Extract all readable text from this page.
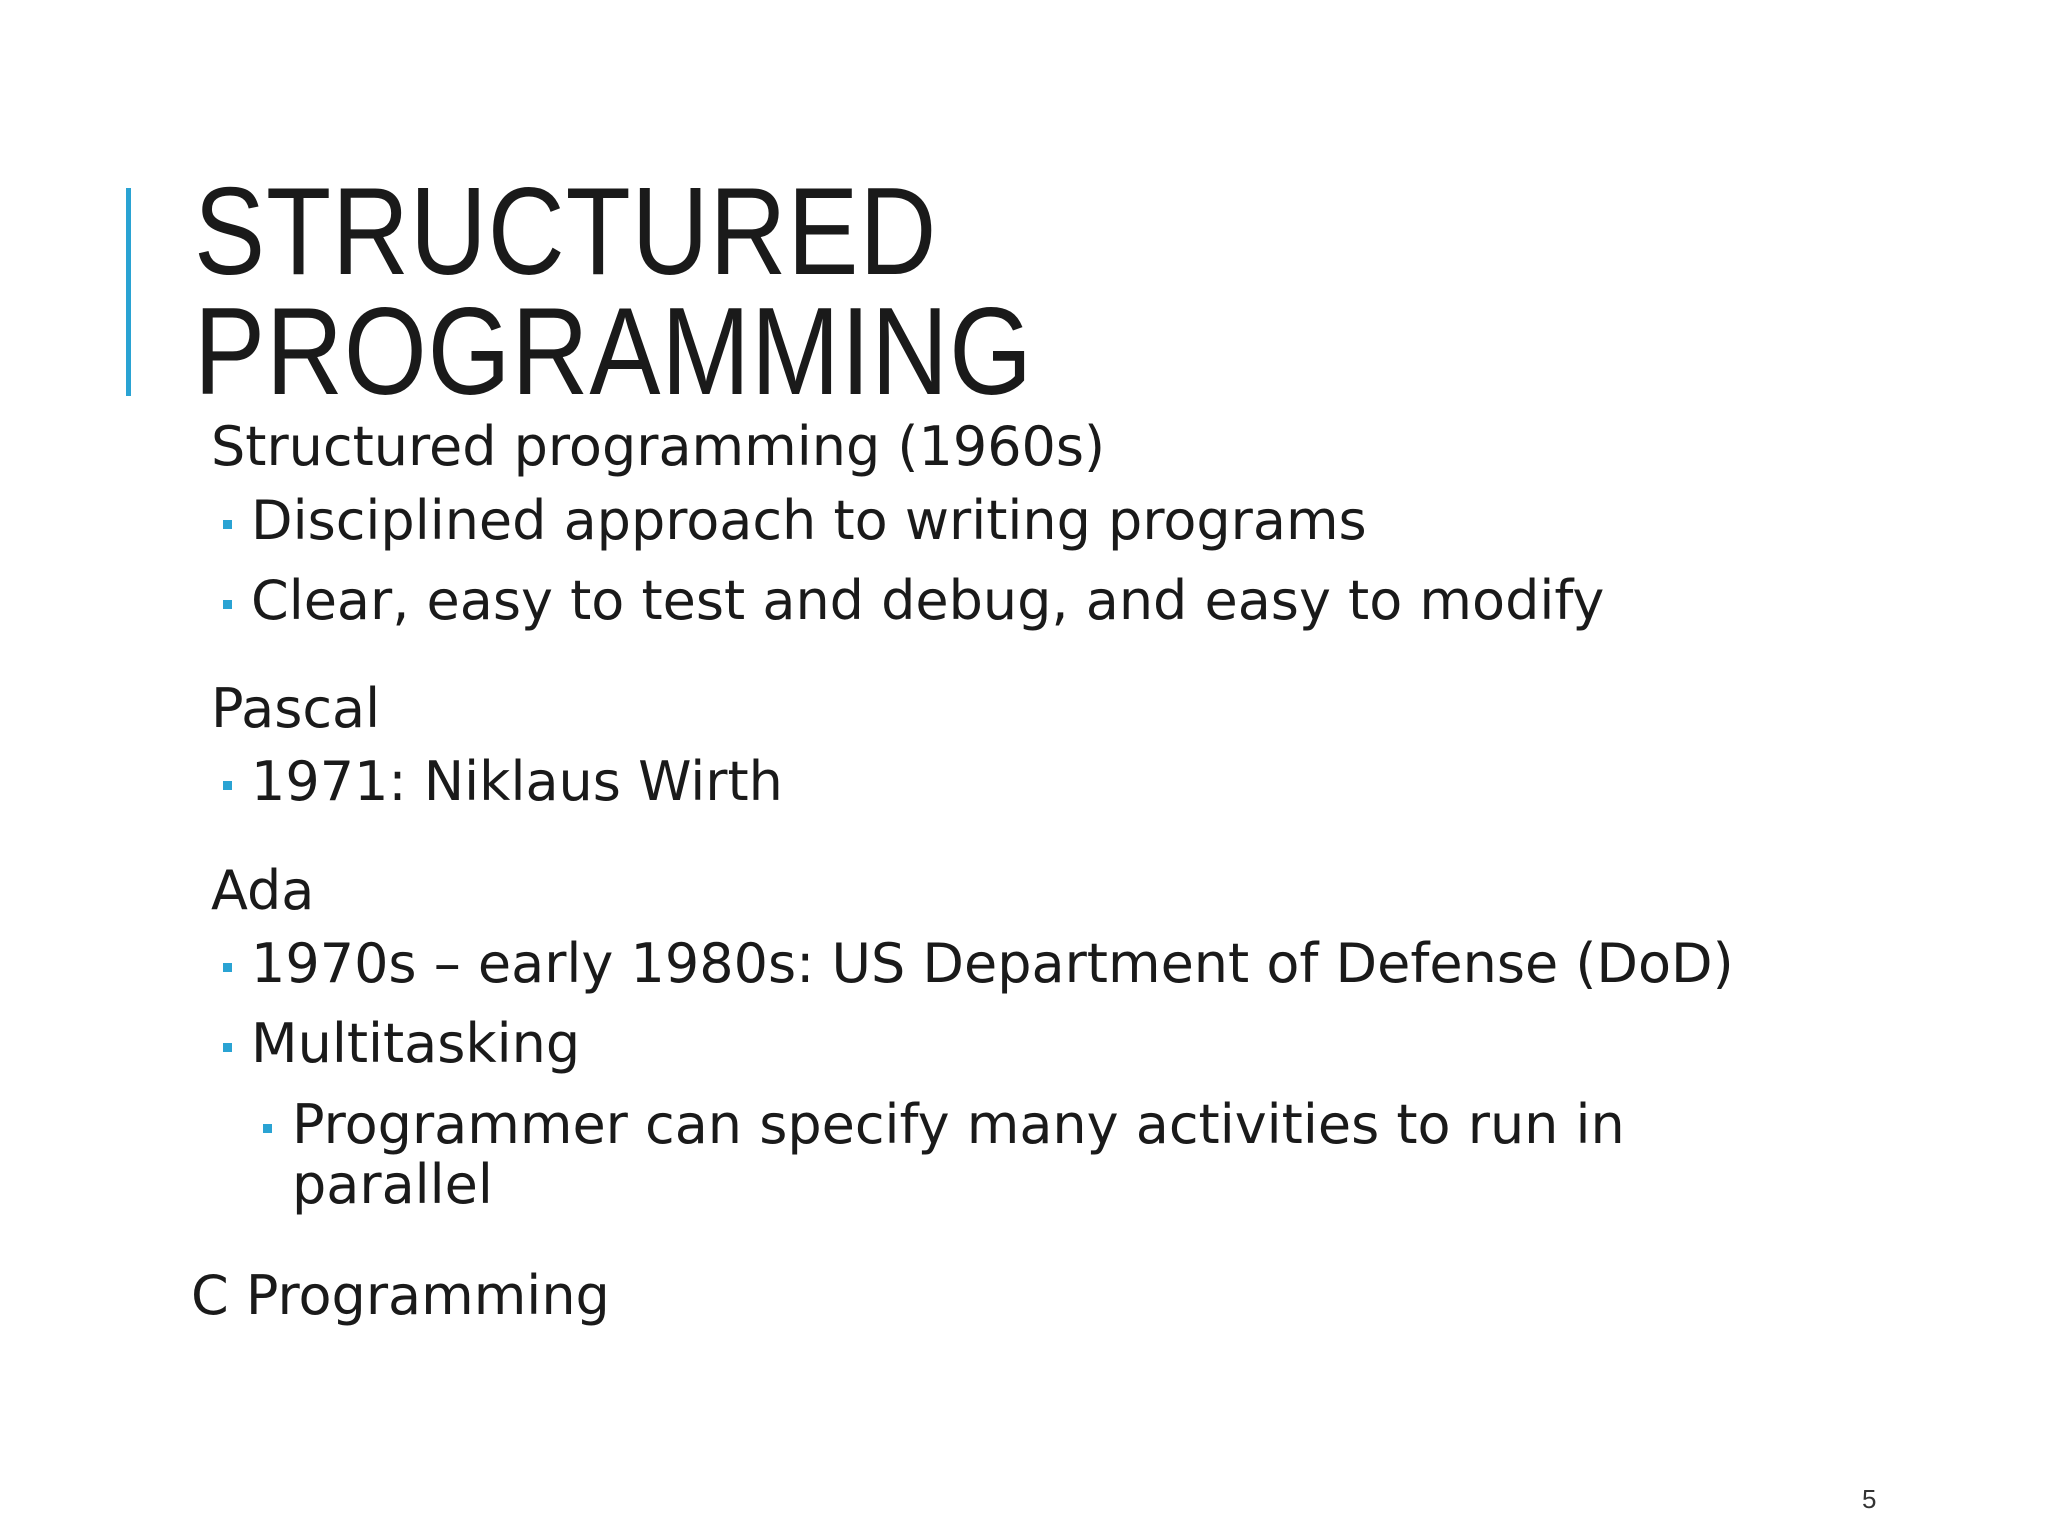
STRUCTURED
PROGRAMMING
Structured programming (1960s)
Disciplined approach to writing programs
Clear, easy to test and debug, and easy to modify
Pascal
1971: Niklaus Wirth
Ada
1970s – early 1980s: US Department of Defense (DoD)
Multitasking
Programmer can specify many activities to run in
parallel
C Programming
5
